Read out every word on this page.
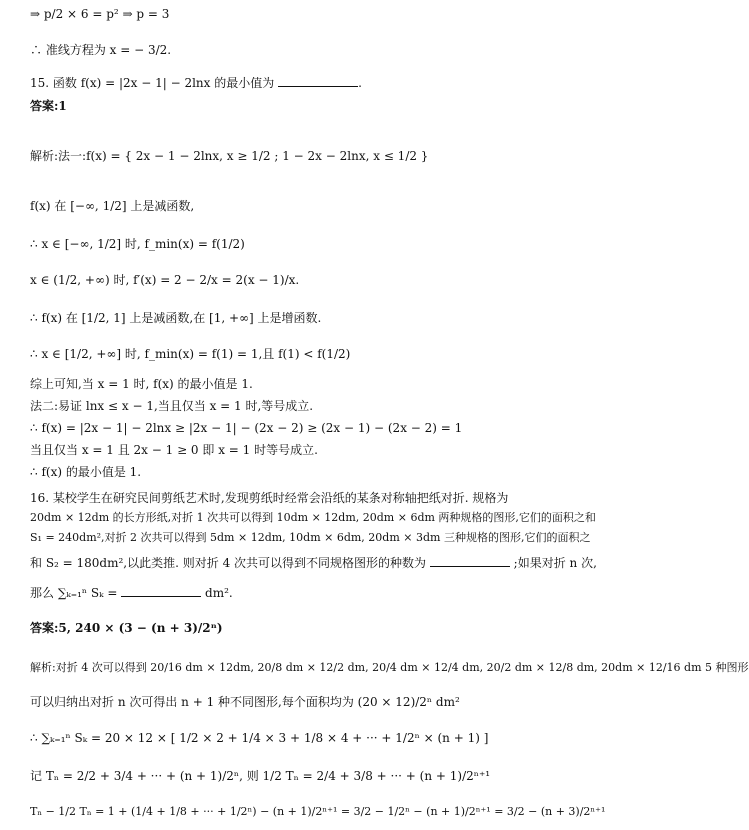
⇒ p/2 × 6 = p² ⇒ p = 3
∴ 准线方程为 x = − 3/2.
15. 函数 f(x) = |2x − 1| − 2lnx 的最小值为	.
答案:1
解析:法一:f(x) = { 2x − 1 − 2lnx, x ≥ 1/2 ; 1 − 2x − 2lnx, x ≤ 1/2 }
f(x) 在 [−∞, 1/2] 上是减函数,
∴ x ∈ [−∞, 1/2] 时, f_min(x) = f(1/2)
x ∈ (1/2, +∞) 时, f′(x) = 2 − 2/x = 2(x − 1)/x.
∴ f(x) 在 [1/2, 1] 上是减函数,在 [1, +∞] 上是增函数.
∴ x ∈ [1/2, +∞] 时, f_min(x) = f(1) = 1,且 f(1) < f(1/2)
综上可知,当 x = 1 时, f(x) 的最小值是 1.
法二:易证 lnx ≤ x − 1,当且仅当 x = 1 时,等号成立.
∴ f(x) = |2x − 1| − 2lnx ≥ |2x − 1| − (2x − 2) ≥ (2x − 1) − (2x − 2) = 1
当且仅当 x = 1 且 2x − 1 ≥ 0 即 x = 1 时等号成立.
∴ f(x) 的最小值是 1.
16. 某校学生在研究民间剪纸艺术时,发现剪纸时经常会沿纸的某条对称轴把纸对折. 规格为
20dm × 12dm 的长方形纸,对折 1 次共可以得到 10dm × 12dm, 20dm × 6dm 两种规格的图形,它们的面积之和
S₁ = 240dm²,对折 2 次共可以得到 5dm × 12dm, 10dm × 6dm, 20dm × 3dm 三种规格的图形,它们的面积之
和 S₂ = 180dm²,以此类推. 则对折 4 次共可以得到不同规格图形的种数为	;如果对折 n 次,
那么 ∑ₖ₌₁ⁿ Sₖ =	dm².
答案:5, 240 × (3 − (n + 3)/2ⁿ)
解析:对折 4 次可以得到 20/16 dm × 12dm, 20/8 dm × 12/2 dm, 20/4 dm × 12/4 dm, 20/2 dm × 12/8 dm, 20dm × 12/16 dm 5 种图形
可以归纳出对折 n 次可得出 n + 1 种不同图形,每个面积均为 (20 × 12)/2ⁿ dm²
∴ ∑ₖ₌₁ⁿ Sₖ = 20 × 12 × [ 1/2 × 2 + 1/4 × 3 + 1/8 × 4 + ··· + 1/2ⁿ × (n + 1) ]
记 Tₙ = 2/2 + 3/4 + ··· + (n + 1)/2ⁿ, 则 1/2 Tₙ = 2/4 + 3/8 + ··· + (n + 1)/2ⁿ⁺¹
Tₙ − 1/2 Tₙ = 1 + (1/4 + 1/8 + ··· + 1/2ⁿ) − (n + 1)/2ⁿ⁺¹ = 3/2 − 1/2ⁿ − (n + 1)/2ⁿ⁺¹ = 3/2 − (n + 3)/2ⁿ⁺¹
